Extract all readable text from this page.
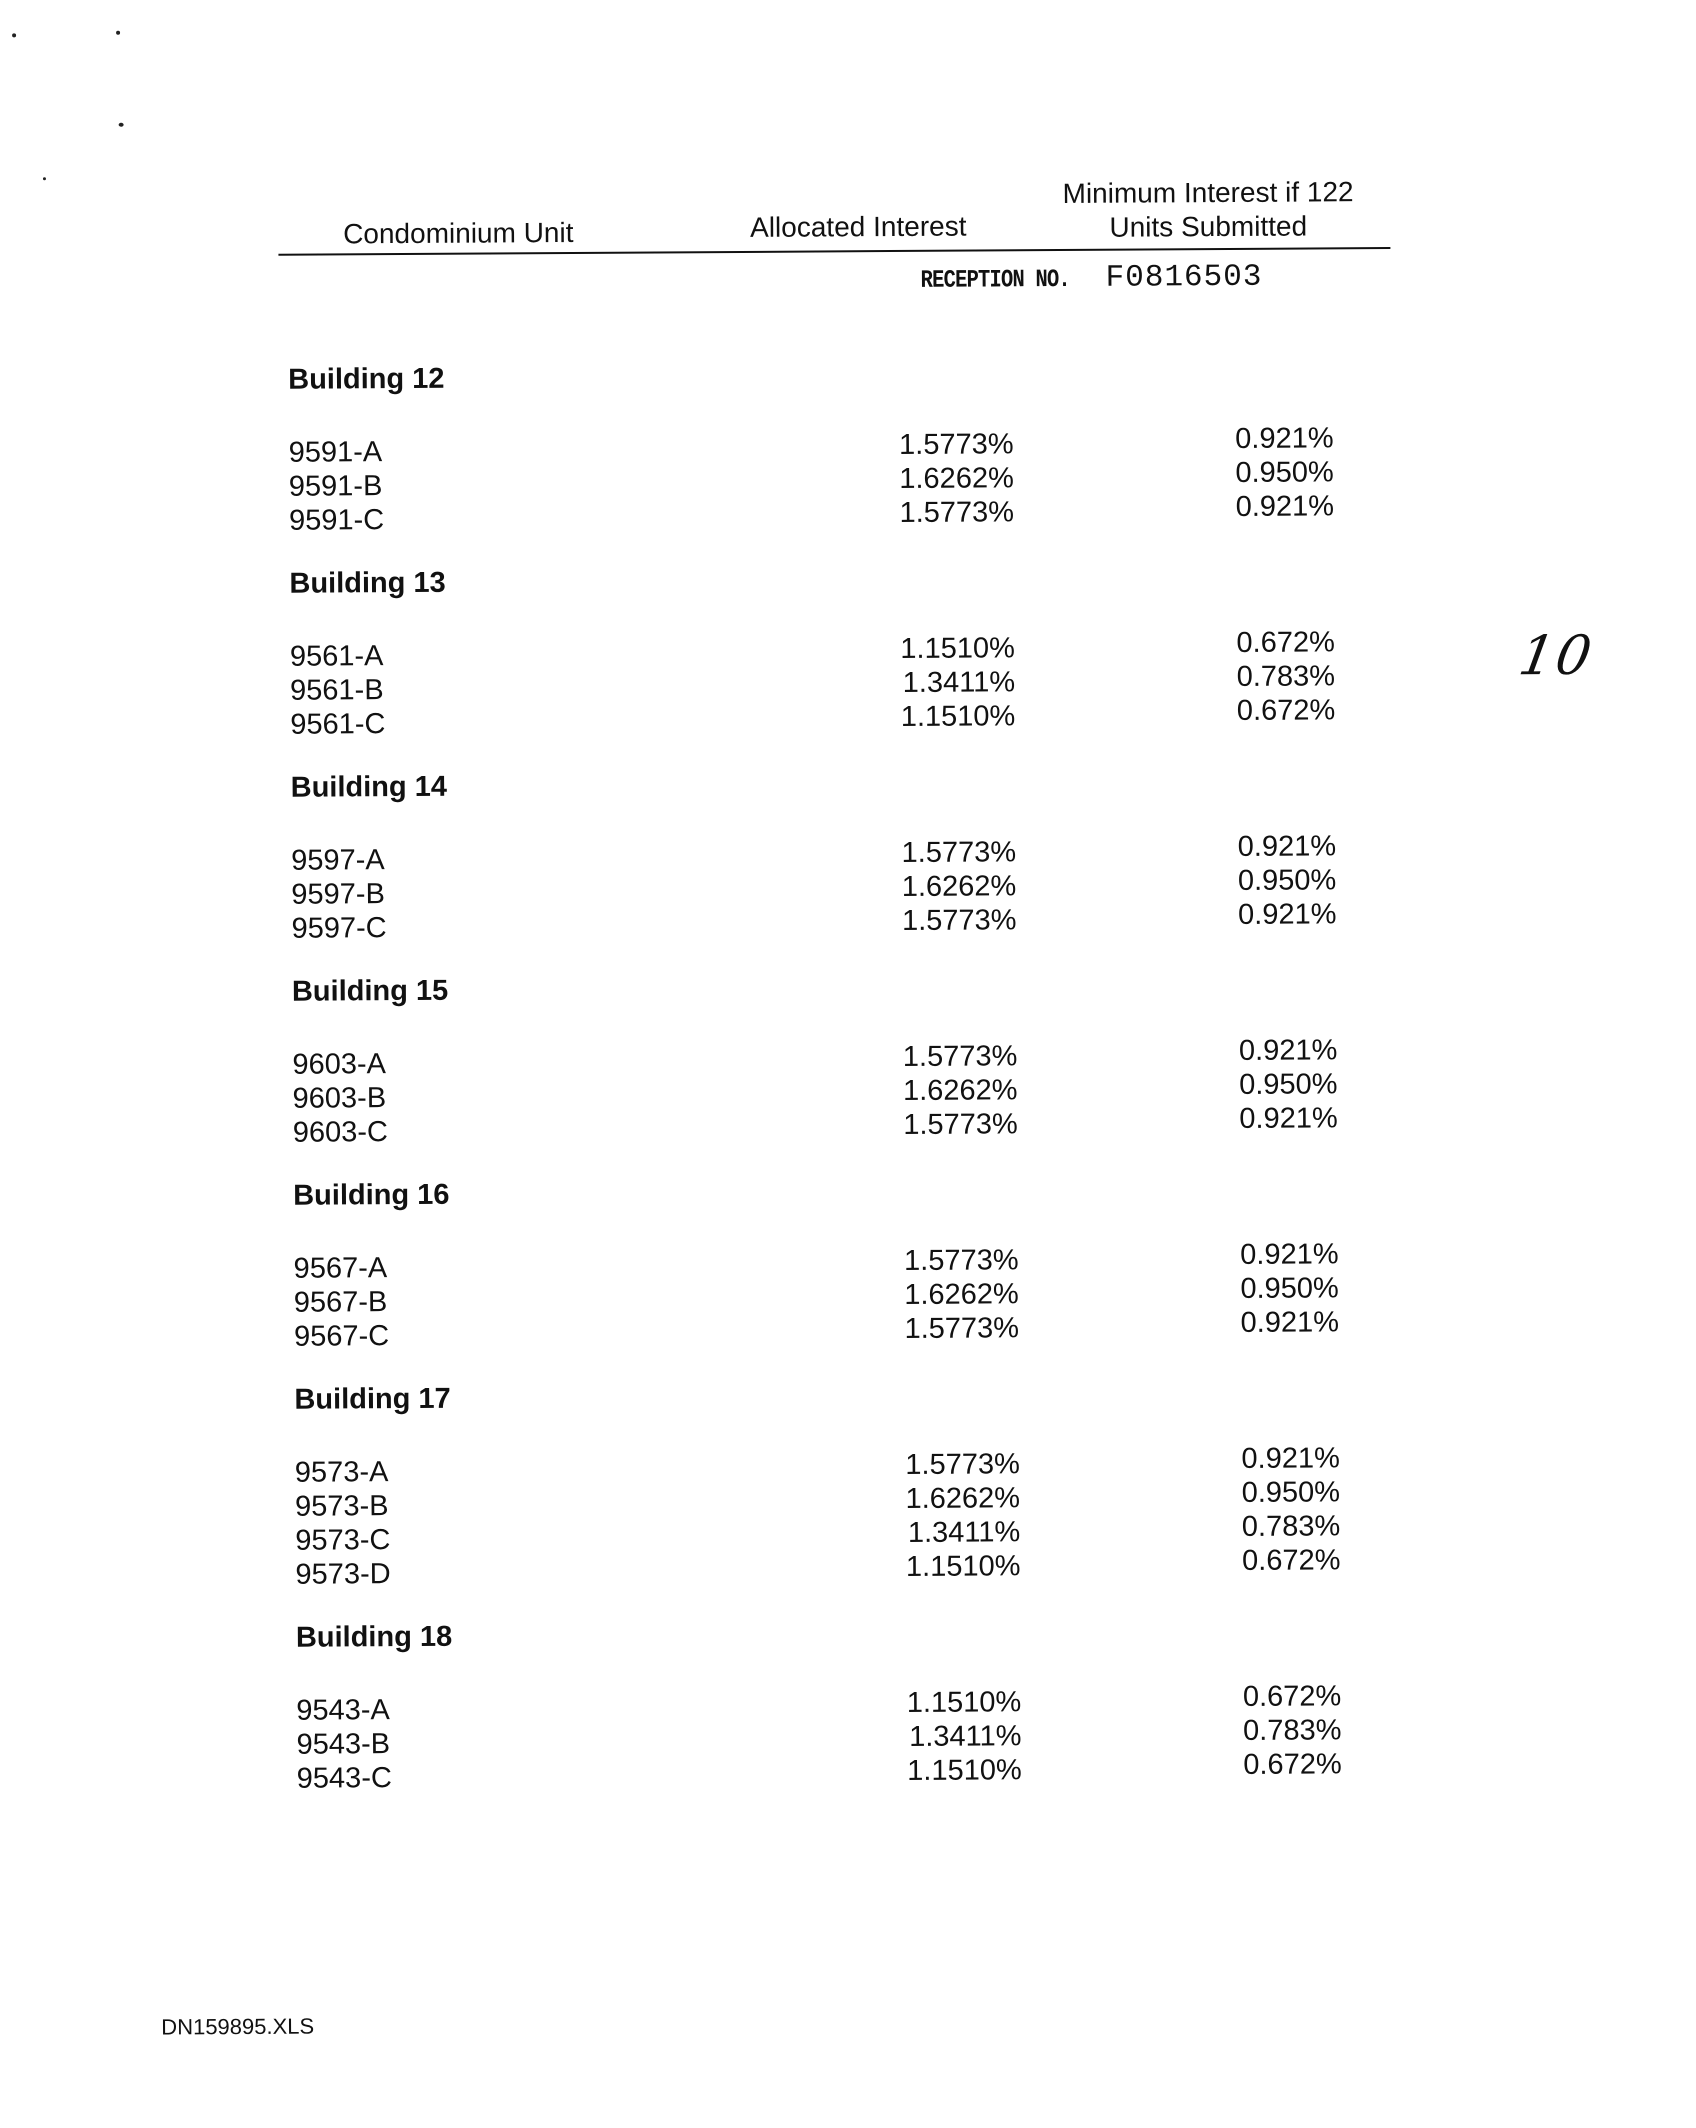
Condominium Unit	Allocated Interest
Minimum Interest if 122
Units Submitted
RECEPTION NO. F0816503
Building 12
9591-A	1.5773%	0.921%
9591-B	1.6262%	0.950%
9591-C	1.5773%	0.921%
Building 13
9561-A	1.1510%	0.672%
9561-B	1.3411%	0.783%
9561-C	1.1510%	0.672%
Building 14
9597-A	1.5773%	0.921%
9597-B	1.6262%	0.950%
9597-C	1.5773%	0.921%
Building 15
9603-A	1.5773%	0.921%
9603-B	1.6262%	0.950%
9603-C	1.5773%	0.921%
Building 16
9567-A	1.5773%	0.921%
9567-B	1.6262%	0.950%
9567-C	1.5773%	0.921%
Building 17
9573-A	1.5773%	0.921%
9573-B	1.6262%	0.950%
9573-C	1.3411%	0.783%
9573-D	1.1510%	0.672%
Building 18
9543-A	1.1510%	0.672%
9543-B	1.3411%	0.783%
9543-C	1.1510%	0.672%
10
DN159895.XLS
